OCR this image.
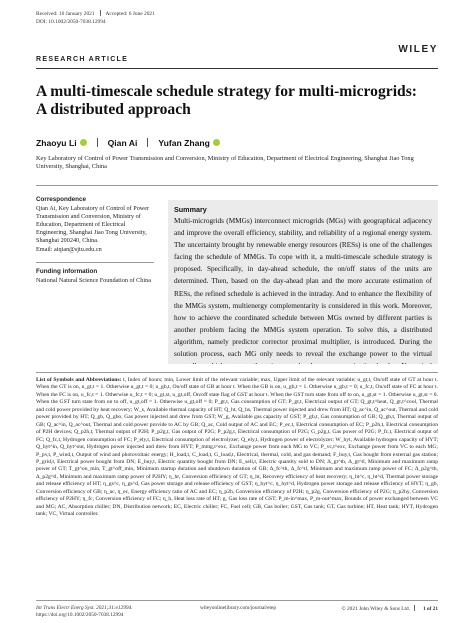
Received: 10 January 2021 Accepted: 6 June 2021
DOI: 10.1002/2050-7038.12994
WILEY
RESEARCH ARTICLE
A multi-timescale schedule strategy for multi-microgrids:
A distributed approach
Zhaoyu Li	Qian Ai Yufan Zhang
Key Laboratory of Control of Power Transmission and Conversion, Ministry of Education, Department of Electrical Engineering, Shanghai Jiao Tong University, Shanghai, China
Correspondence
Qian Ai, Key Laboratory of Control of Power Transmission and Conversion, Ministry of Education, Department of Electrical Engineering, Shanghai Jiao Tong University, Shanghai 200240, China.
Email: aiqian@sjtu.edu.cn
Funding information
National Natural Science Foundation of China
Summary
Multi-microgrids (MMGs) interconnect microgrids (MGs) with geographical adjacency and improve the overall efficiency, stability, and reliability of a regional energy system. The uncertainty brought by renewable energy resources (RESs) is one of the challenges facing the schedule of MMGs. To cope with it, a multi-timescale schedule strategy is proposed. Specifically, in day-ahead schedule, the on/off states of the units are determined. Then, based on the day-ahead plan and the more accurate estimation of RESs, the refined schedule is achieved in the intraday. And to enhance the flexibility of the MMGs system, multienergy complementarity is considered in this work. Moreover, how to achieve the coordinated schedule between MGs owned by different parties is another problem facing the MMGs system operation. To solve this, a distributed algorithm, namely predictor corrector proximal multiplier, is introduced. During the solution process, each MG only needs to reveal the exchange power to the virtual
List of Symbols and Abbreviations: t, Index of hours; min, Lower limit of the relevant variable; max, Upper limit of the relevant variable; u_gt,t, On/off state of GT at hour t. When the GT is on, u_gt,t = 1. Otherwise u_gt,t = 0; u_gb,t, On/off state of GB at hour t. When the GB is on, u_gb,t = 1. Otherwise u_gb,t = 0; u_fc,t, On/off state of FC at hour t. When the FC is on, u_fc,t = 1. Otherwise u_fc,t = 0; u_gt,st, u_gt,off, On/off state flag of GST at hour t. When the GST turn state from off to on, u_gt,st = 1. Otherwise u_gt,st = 0. When the GST turn state from on to off, u_gt,off = 1. Otherwise u_gt,off = 0; P_gt,t, Gas consumption of GT; P_gt,t, Electrical output of GT; Q_gt,t^heat, Q_gt,t^cool, Thermal and cold power provided by heat recovery; W_s, Available thermal capacity of HT; Q_ht, Q_hs, Thermal power injected and drew from HT; Q_ac^in, Q_ac^out, Thermal and cold power provided by HT; Q_gb, Q_gbo, Gas power injected and drew from GST; W_g, Available gas capacity of GST; P_gb,t, Gas consumption of GB; Q_gb,t, Thermal output of GB; Q_ac^in, Q_ac^out, Thermal and cold power provide to AC by GB; Q_ac, Cold output of AC and EC; P_ec,t, Electrical consumption of EC; P_p2h,t, Electrical consumption of P2H devices; Q_p2h,t, Thermal output of P2H; P_p2g,t, Gas output of P2G; P_p2g,t, Electrical consumption of P2G; G_p2g,t, Gas power of P2G; P_fc,t, Electrical output of FC; Q_fc,t, Hydrogen consumption of FC; P_ely,t, Electrical consumption of electrolyzer; Q_ely,t, Hydrogen power of electrolyzer; W_hyt, Available hydrogen capacity of HYT; Q_hyt^in, Q_hyt^out, Hydrogen power injected and drew from HYT; P_mmg,t^exc, Exchange power from each MG to VC; P_vc,t^exc, Exchange power from VC to each MG; P_pv,t, P_wind,t, Output of wind and photovoltaic energy; H_load,t, C_load,t, G_load,t, Electrical, thermal, cold, and gas demand; F_buy,t, Gas bought from external gas station; P_grid,t, Electrical power bought from DN; E_buy,t, Electric quantity bought from DN; E_sell,t, Electric quantity sold to DN; Δ_gt^th, Δ_gt^tl, Minimum and maximum ramp power of GT; T_gt^on_min, T_gt^off_min, Minimum startup duration and shutdown duration of GB; Δ_fc^th, Δ_fc^tl, Minimum and maximum ramp power of FC; Δ_p2g^th, Δ_p2g^tl, Minimum and maximum ramp power of P2HY; η_hr, Conversion efficiency of GT; η_ht, Recovery efficiency of heat recovery; η_ht^c, η_ht^d, Thermal power storage and release efficiency of HT; η_gs^c, η_gs^d, Gas power storage and release efficiency of GST; η_hyt^c, η_hyt^d, Hydrogen power storage and release efficiency of HYT; η_gb, Conversion efficiency of GB; η_ac, η_ec, Energy efficiency ratio of AC and EC; η_p2h, Conversion efficiency of P2H; η_p2g, Conversion efficiency of P2G; η_p2hy, Conversion efficiency of P2HY; η_fc, Conversion efficiency of FC; η_h, Heat loss rate of HT; g, Gas loss rate of GST; P_m-in^max, P_m-out^max, Bounds of power exchanged between VC and MG; AC, Absorption chiller; DN, Distribution network; EC, Electric chiller; FC, Fuel cell; GB, Gas boiler; GST, Gas tank; GT, Gas turbine; HT, Heat tank; HYT, Hydrogen tank; VC, Virtual controller.
Int Trans Electr Energ Syst. 2021;31:e12994.
https://doi.org/10.1002/2050-7038.12994
wileyonlinelibrary.com/journal/etep	© 2021 John Wiley & Sons Ltd. 1 of 21
